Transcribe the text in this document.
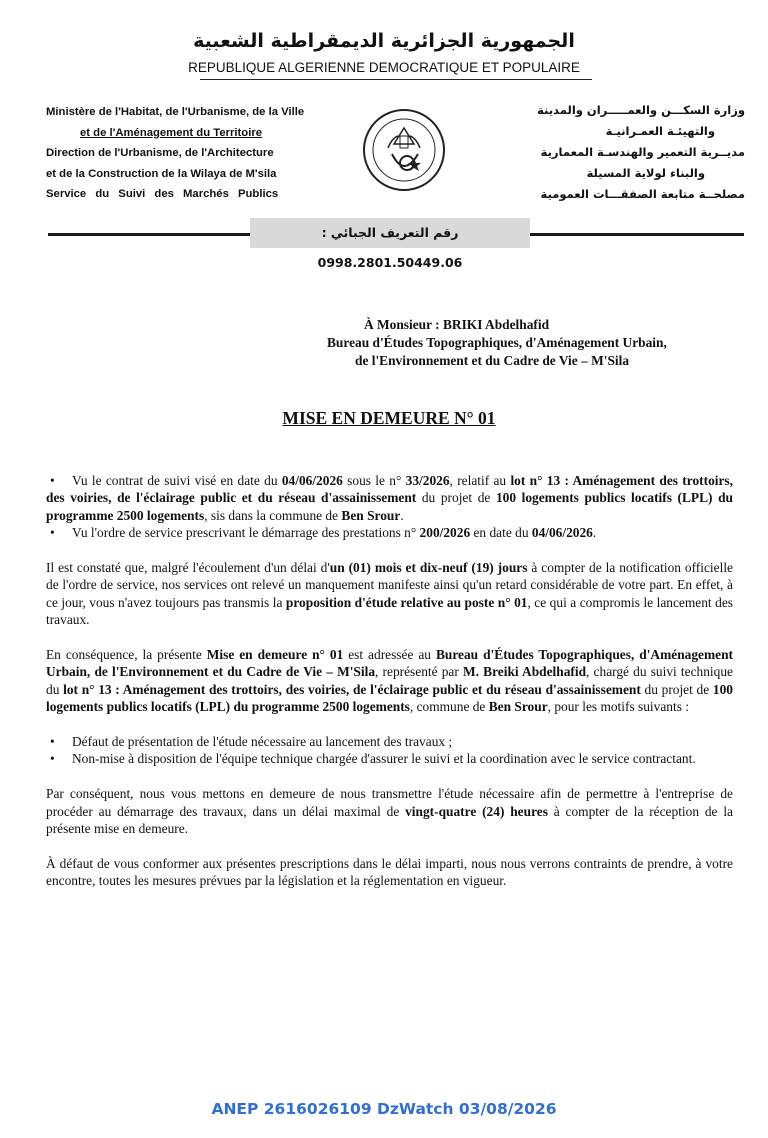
الجمهورية الجزائرية الديمقراطية الشعبية
REPUBLIQUE ALGERIENNE DEMOCRATIQUE ET POPULAIRE
Ministère de l'Habitat, de l'Urbanisme, de la Ville
et de l'Aménagement du Territoire
Direction de l'Urbanisme, de l'Architecture
et de la Construction de la Wilaya de M'sila
Service du Suivi des Marchés Publics
وزارة السكـــن والعمـــــران والمدينة
والتهيئـة العمـرانيـة
مديــرية التعمير والهندسـة المعمارية
والبناء لولاية المسيلة
مصلحــة متابعة الصفقـــات العمومية
رقم التعريف الجبائي : 0998.2801.50449.06
À Monsieur : BRIKI Abdelhafid
Bureau d'Études Topographiques, d'Aménagement Urbain,
de l'Environnement et du Cadre de Vie – M'Sila
MISE EN DEMEURE N° 01

• Vu le contrat de suivi visé en date du 04/06/2026 sous le n° 33/2026, relatif au lot n° 13 : Aménagement des trottoirs, des voiries, de l'éclairage public et du réseau d'assainissement du projet de 100 logements publics locatifs (LPL) du programme 2500 logements, sis dans la commune de Ben Srour.

• Vu l'ordre de service prescrivant le démarrage des prestations n° 200/2026 en date du 04/06/2026.

Il est constaté que, malgré l'écoulement d'un délai d'un (01) mois et dix-neuf (19) jours à compter de la notification officielle de l'ordre de service, nos services ont relevé un manquement manifeste ainsi qu'un retard considérable de votre part. En effet, à ce jour, vous n'avez toujours pas transmis la proposition d'étude relative au poste n° 01, ce qui a compromis le lancement des travaux.

En conséquence, la présente Mise en demeure n° 01 est adressée au Bureau d'Études Topographiques, d'Aménagement Urbain, de l'Environnement et du Cadre de Vie – M'Sila, représenté par M. Breiki Abdelhafid, chargé du suivi technique du lot n° 13 : Aménagement des trottoirs, des voiries, de l'éclairage public et du réseau d'assainissement du projet de 100 logements publics locatifs (LPL) du programme 2500 logements, commune de Ben Srour, pour les motifs suivants :

• Défaut de présentation de l'étude nécessaire au lancement des travaux ;

• Non-mise à disposition de l'équipe technique chargée d'assurer le suivi et la coordination avec le service contractant.

Par conséquent, nous vous mettons en demeure de nous transmettre l'étude nécessaire afin de permettre à l'entreprise de procéder au démarrage des travaux, dans un délai maximal de vingt-quatre (24) heures à compter de la réception de la présente mise en demeure.

À défaut de vous conformer aux présentes prescriptions dans le délai imparti, nous nous verrons contraints de prendre, à votre encontre, toutes les mesures prévues par la législation et la réglementation en vigueur.

ANEP 2616026109 DzWatch 03/08/2026
